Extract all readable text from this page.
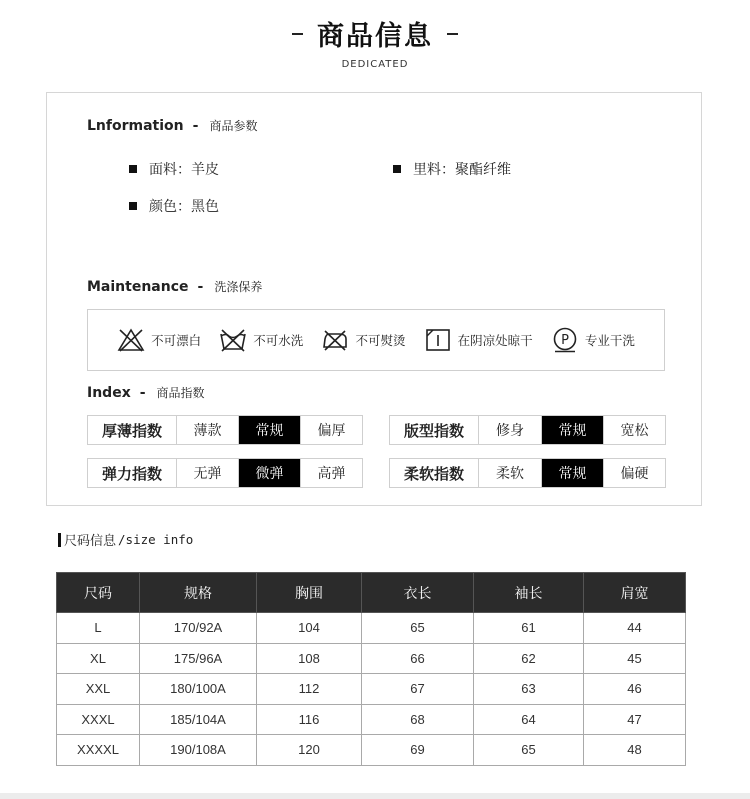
商品信息
DEDICATED
Lnformation - 商品参数
面料：羊皮	里料：聚酯纤维
颜色：黑色
Maintenance - 洗涤保养
不可漂白	不可水洗	不可熨烫	在阴凉处晾干 P 专业干洗
Index - 商品指数
厚薄指数	薄款	常规	偏厚	版型指数	修身	常规	宽松
弹力指数	无弹	微弹	高弹	柔软指数	柔软	常规	偏硬
尺码信息 /size info
尺码	规格	胸围	衣长	袖长	肩宽
L	170/92A	104	65	61	44
XL	175/96A	108	66	62	45
XXL	180/100A	112	67	63	46
XXXL	185/104A	116	68	64	47
XXXXL	190/108A	120	69	65	48
